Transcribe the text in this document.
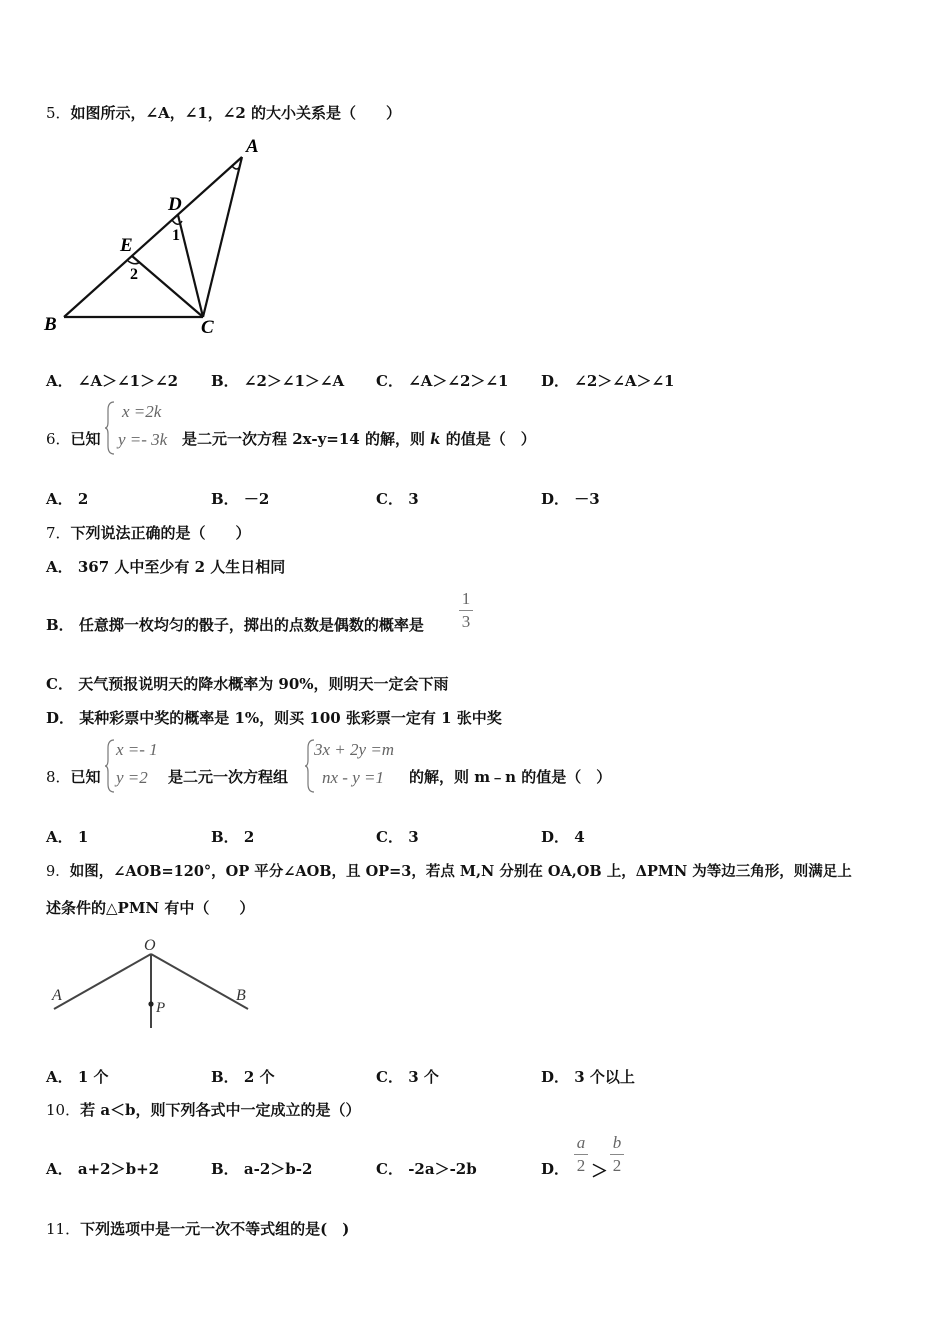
5．如图所示，∠A，∠1，∠2 的大小关系是（　　）
A
D
E
B	C
1
2
A． ∠A＞∠1＞∠2 B． ∠2＞∠1＞∠A C． ∠A＞∠2＞∠1 D． ∠2＞∠A＞∠1
6．已知
x =2k
y =- 3k 是二元一次方程 2x-y=14 的解，则 k 的值是（　）
A． 2	B． －2	C． 3	D． －3
7．下列说法正确的是（　　）
A． 367 人中至少有 2 人生日相同
B． 任意掷一枚均匀的骰子，掷出的点数是偶数的概率是
1
3
C． 天气预报说明天的降水概率为 90%，则明天一定会下雨
D． 某种彩票中奖的概率是 1%，则买 100 张彩票一定有 1 张中奖
8．已知
x =- 1
y =2 是二元一次方程组
3x + 2y =m
nx - y =1 的解，则 m﹣n 的值是（　）
A． 1	B． 2	C． 3	D． 4
9．如图，∠AOB=120°，OP 平分∠AOB，且 OP=3，若点 M,N 分别在 OA,OB 上，ΔPMN 为等边三角形，则满足上
述条件的△PMN 有中（　　）
O
A	B
P
A． 1 个	B． 2 个	C． 3 个	D． 3 个以上
10．若 a＜b，则下列各式中一定成立的是（）
A． a+2＞b+2	B． a-2＞b-2	C． -2a＞-2b	D．
a
2 ＞
b
2
11．下列选项中是一元一次不等式组的是(　)
